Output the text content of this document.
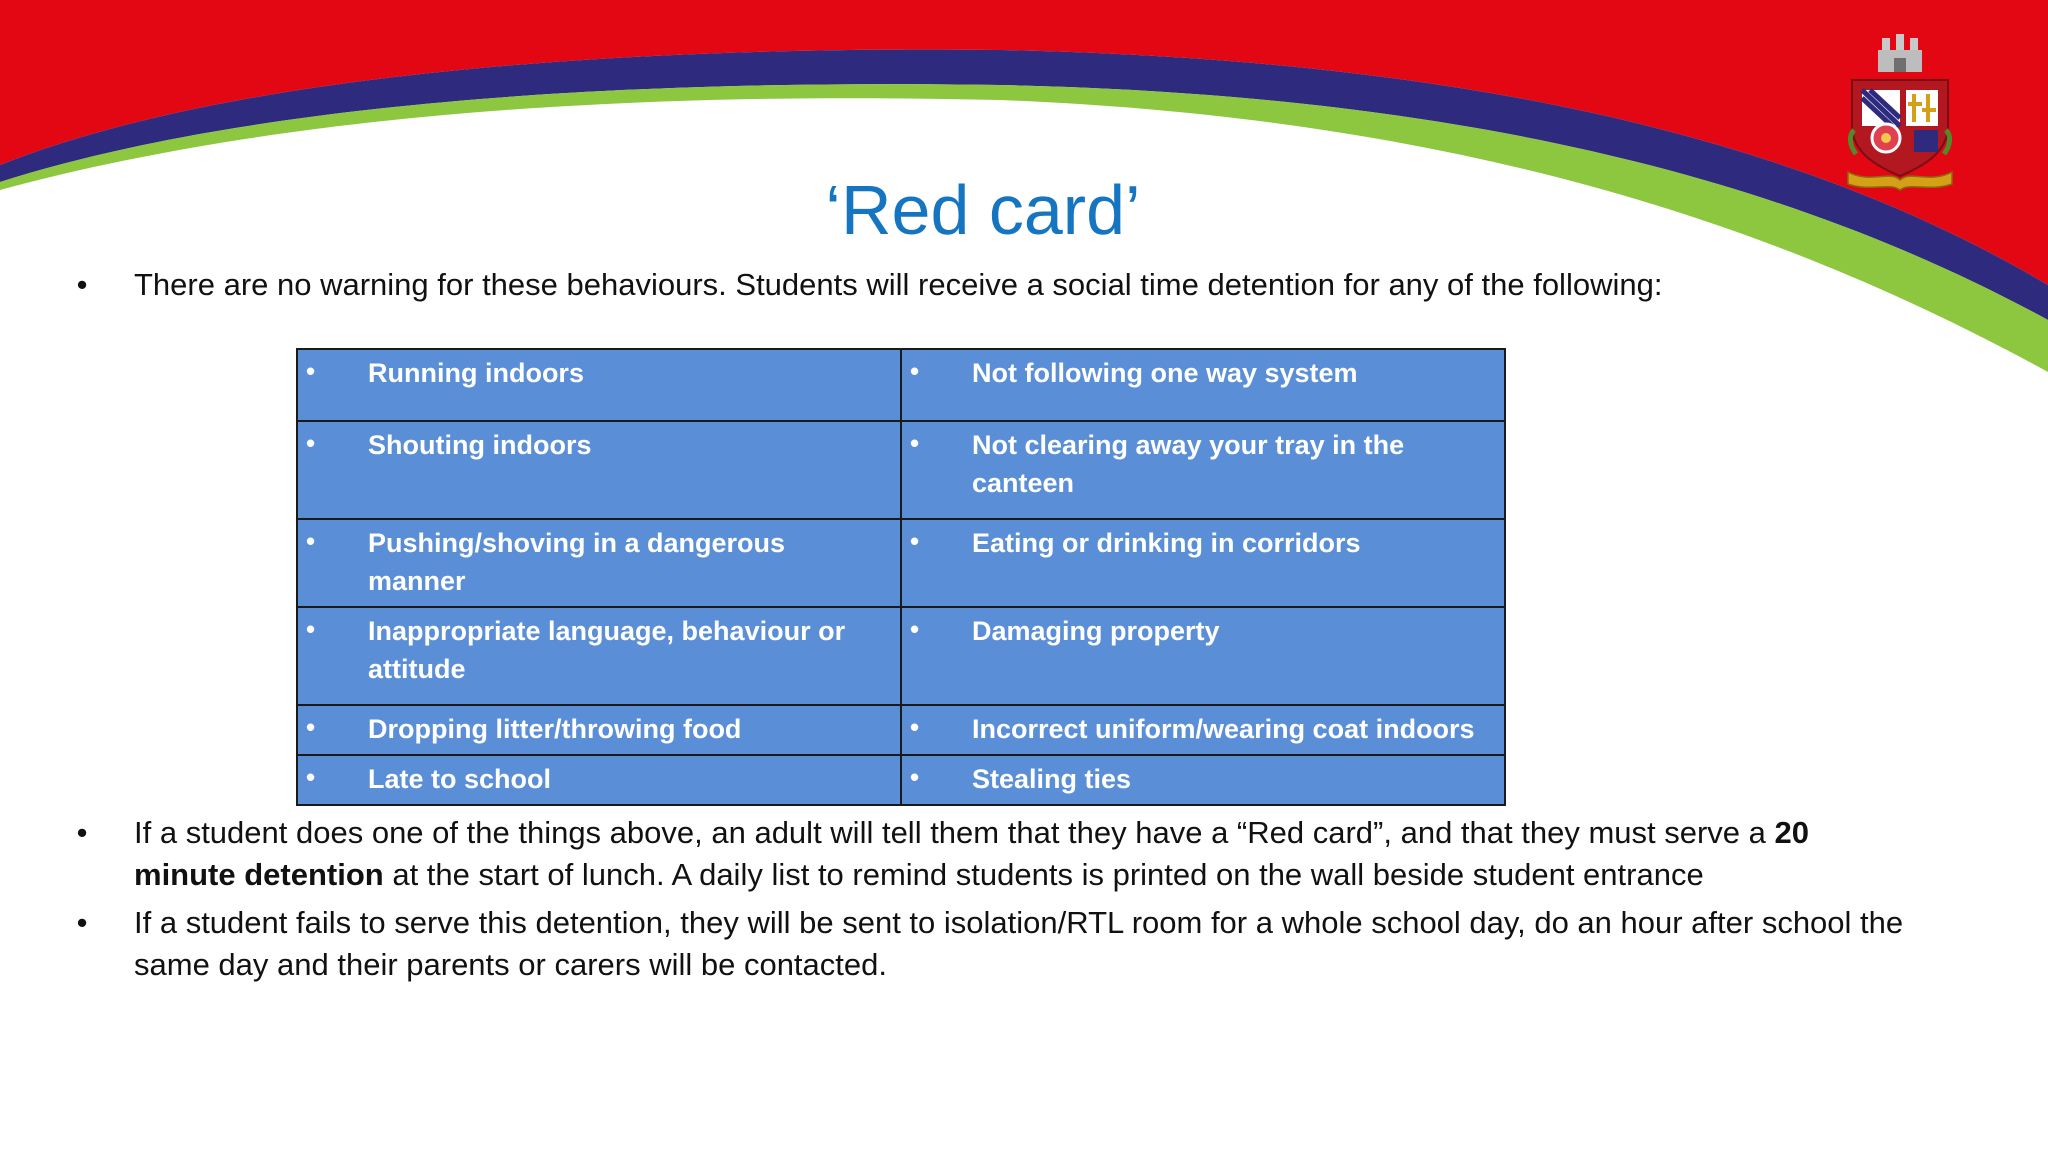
‘Red card’
• There are no warning for these behaviours. Students will receive a social time detention for any of the following:
• Running indoors	• Not following one way system

• Shouting indoors	• Not clearing away your tray in the canteen

• Pushing/shoving in a dangerous manner	• Eating or drinking in corridors

• Inappropriate language, behaviour or attitude	• Damaging property

• Dropping litter/throwing food	• Incorrect uniform/wearing coat indoors

• Late to school	• Stealing ties
• If a student does one of the things above, an adult will tell them that they have a “Red card”, and that they must serve a 20 minute detention at the start of lunch. A daily list to remind students is printed on the wall beside student entrance
• If a student fails to serve this detention, they will be sent to isolation/RTL room for a whole school day, do an hour after school the same day and their parents or carers will be contacted.
